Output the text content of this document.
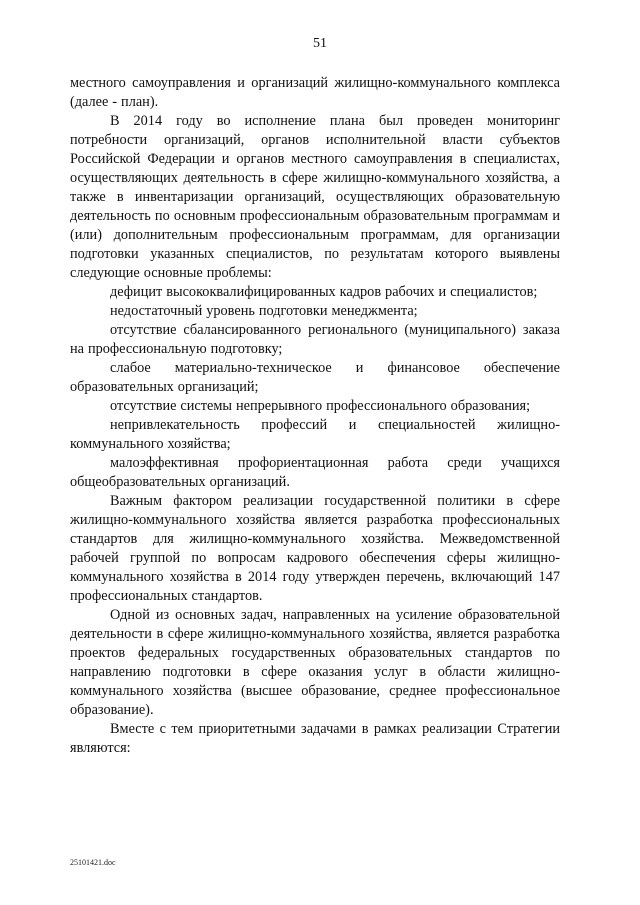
51

местного самоуправления и организаций жилищно-коммунального комплекса (далее - план).

В 2014 году во исполнение плана был проведен мониторинг потребности организаций, органов исполнительной власти субъектов Российской Федерации и органов местного самоуправления в специалистах, осуществляющих деятельность в сфере жилищно-коммунального хозяйства, а также в инвентаризации организаций, осуществляющих образовательную деятельность по основным профессиональным образовательным программам и (или) дополнительным профессиональным программам, для организации подготовки указанных специалистов, по результатам которого выявлены следующие основные проблемы:

дефицит высококвалифицированных кадров рабочих и специалистов;

недостаточный уровень подготовки менеджмента;

отсутствие сбалансированного регионального (муниципального) заказа на профессиональную подготовку;

слабое материально-техническое и финансовое обеспечение образовательных организаций;

отсутствие системы непрерывного профессионального образования;

непривлекательность профессий и специальностей жилищно-коммунального хозяйства;

малоэффективная профориентационная работа среди учащихся общеобразовательных организаций.

Важным фактором реализации государственной политики в сфере жилищно-коммунального хозяйства является разработка профессиональных стандартов для жилищно-коммунального хозяйства. Межведомственной рабочей группой по вопросам кадрового обеспечения сферы жилищно-коммунального хозяйства в 2014 году утвержден перечень, включающий 147 профессиональных стандартов.

Одной из основных задач, направленных на усиление образовательной деятельности в сфере жилищно-коммунального хозяйства, является разработка проектов федеральных государственных образовательных стандартов по направлению подготовки в сфере оказания услуг в области жилищно-коммунального хозяйства (высшее образование, среднее профессиональное образование).

Вместе с тем приоритетными задачами в рамках реализации Стратегии являются:

25101421.doc
